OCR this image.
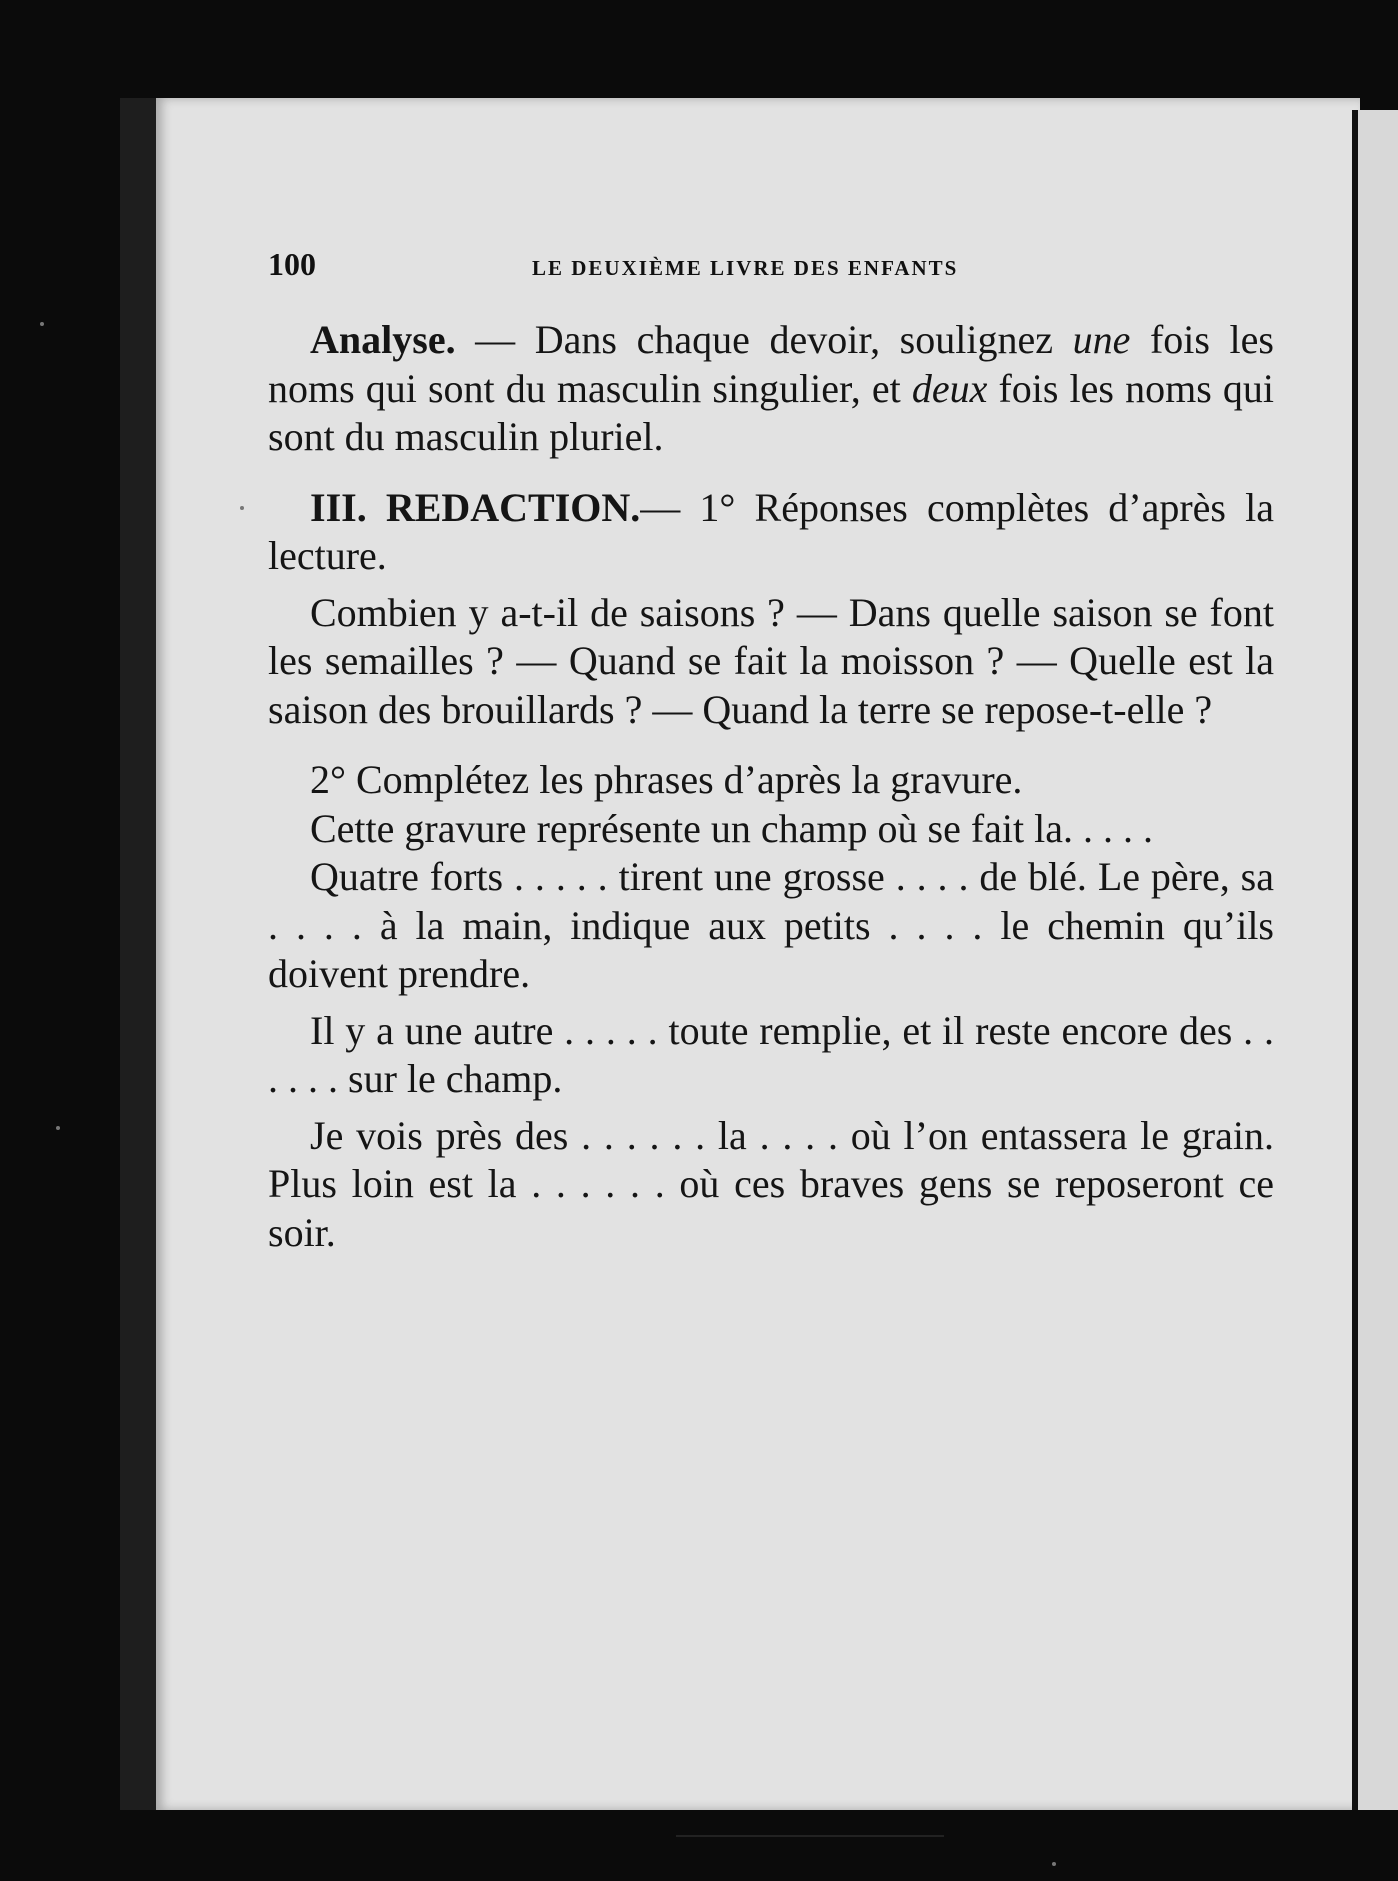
100	LE DEUXIÈME LIVRE DES ENFANTS

Analyse. — Dans chaque devoir, soulignez une fois les noms qui sont du masculin singulier, et deux fois les noms qui sont du masculin pluriel.

III. REDACTION.— 1° Réponses complètes d’après la lecture.

Combien y a-t-il de saisons ? — Dans quelle saison se font les semailles ? — Quand se fait la moisson ? — Quelle est la saison des brouillards ? — Quand la terre se repose-t-elle ?

2° Complétez les phrases d’après la gravure.

Cette gravure représente un champ où se fait la. . . . .

Quatre forts . . . . . tirent une grosse . . . . de blé. Le père, sa . . . . à la main, indique aux petits . . . . le chemin qu’ils doivent prendre.

Il y a une autre . . . . . toute remplie, et il reste encore des . . . . . . sur le champ.

Je vois près des . . . . . . la . . . . où l’on entassera le grain. Plus loin est la . . . . . . où ces braves gens se reposeront ce soir.
